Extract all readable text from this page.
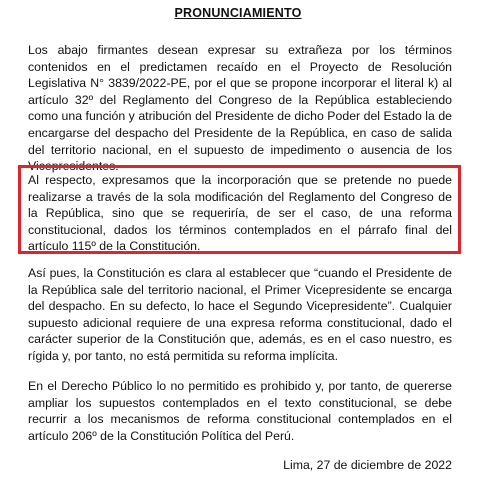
PRONUNCIAMIENTO
Los abajo firmantes desean expresar su extrañeza por los términos contenidos en el predictamen recaído en el Proyecto de Resolución Legislativa N° 3839/2022-PE, por el que se propone incorporar el literal k) al artículo 32º del Reglamento del Congreso de la República estableciendo como una función y atribución del Presidente de dicho Poder del Estado la de encargarse del despacho del Presidente de la República, en caso de salida del territorio nacional, en el supuesto de impedimento o ausencia de los Vicepresidentes.
Al respecto, expresamos que la incorporación que se pretende no puede realizarse a través de la sola modificación del Reglamento del Congreso de la República, sino que se requeriría, de ser el caso, de una reforma constitucional, dados los términos contemplados en el párrafo final del artículo 115º de la Constitución.
Así pues, la Constitución es clara al establecer que “cuando el Presidente de la República sale del territorio nacional, el Primer Vicepresidente se encarga del despacho. En su defecto, lo hace el Segundo Vicepresidente”. Cualquier supuesto adicional requiere de una expresa reforma constitucional, dado el carácter superior de la Constitución que, además, es en el caso nuestro, es rígida y, por tanto, no está permitida su reforma implícita.
En el Derecho Público lo no permitido es prohibido y, por tanto, de quererse ampliar los supuestos contemplados en el texto constitucional, se debe recurrir a los mecanismos de reforma constitucional contemplados en el artículo 206º de la Constitución Política del Perú.
Lima, 27 de diciembre de 2022
